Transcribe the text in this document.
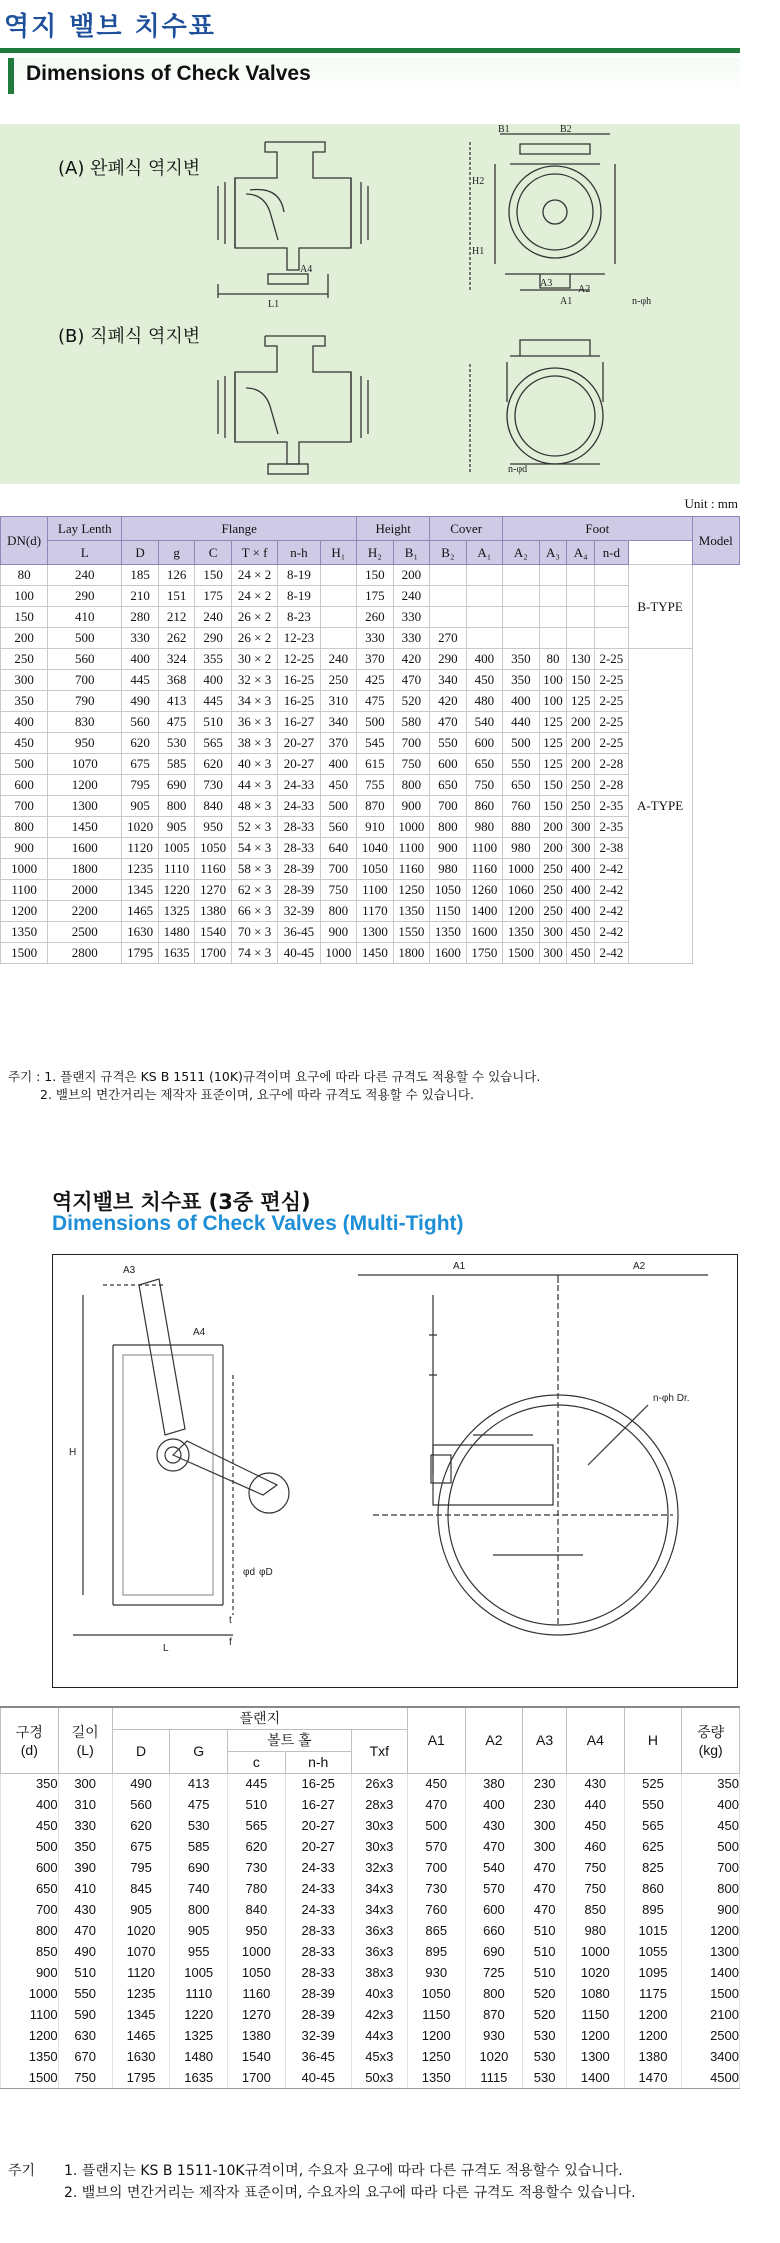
역지 밸브 치수표
Dimensions of Check Valves
(A) 완폐식 역지변
(B) 직폐식 역지변
B1	B2
H2
H1
A4
L1
A3
A2
A1
n-φd
n-φh
Unit : mm
DN(d)	Lay Lenth	Flange						Height		Cover		Foot					Model
	L	D	g	C	T × f	n-h	H₁	H₂	B₁	B₂	A₁	A₂	A₃	A₄	n-d		
80	240	185	126	150	24 × 2	8-19		150	200							B-TYPE	
100	290	210	151	175	24 × 2	8-19		175	240								
150	410	280	212	240	26 × 2	8-23		260	330								
200	500	330	262	290	26 × 2	12-23		330	330	270							
250	560	400	324	355	30 × 2	12-25	240	370	420	290	400	350	80	130	2-25	A-TYPE	
300	700	445	368	400	32 × 3	16-25	250	425	470	340	450	350	100	150	2-25		
350	790	490	413	445	34 × 3	16-25	310	475	520	420	480	400	100	125	2-25		
400	830	560	475	510	36 × 3	16-27	340	500	580	470	540	440	125	200	2-25		
450	950	620	530	565	38 × 3	20-27	370	545	700	550	600	500	125	200	2-25		
500	1070	675	585	620	40 × 3	20-27	400	615	750	600	650	550	125	200	2-28		
600	1200	795	690	730	44 × 3	24-33	450	755	800	650	750	650	150	250	2-28		
700	1300	905	800	840	48 × 3	24-33	500	870	900	700	860	760	150	250	2-35		
800	1450	1020	905	950	52 × 3	28-33	560	910	1000	800	980	880	200	300	2-35		
900	1600	1120	1005	1050	54 × 3	28-33	640	1040	1100	900	1100	980	200	300	2-38		
1000	1800	1235	1110	1160	58 × 3	28-39	700	1050	1160	980	1160	1000	250	400	2-42		
1100	2000	1345	1220	1270	62 × 3	28-39	750	1100	1250	1050	1260	1060	250	400	2-42		
1200	2200	1465	1325	1380	66 × 3	32-39	800	1170	1350	1150	1400	1200	250	400	2-42		
1350	2500	1630	1480	1540	70 × 3	36-45	900	1300	1550	1350	1600	1350	300	450	2-42		
1500	2800	1795	1635	1700	74 × 3	40-45	1000	1450	1800	1600	1750	1500	300	450	2-42		
주기 : 1. 플랜지 규격은 KS B 1511 (10K)규격이며 요구에 따라 다른 규격도 적용할 수 있습니다.
2. 밸브의 면간거리는 제작자 표준이며, 요구에 따라 규격도 적용할 수 있습니다.
역지밸브 치수표 (3중 편심)
Dimensions of Check Valves (Multi-Tight)
A3	A1	A2
A4
H
L
t
f
φd φD
n-φh Dr.
구경
(d)	길이
(L)	플랜지					A1	A2	A3	A4	H	중량
(kg)
		D	G	볼트 홀		Txf						
				c	n-h							
350	300	490	413	445	16-25	26x3	450	380	230	430	525	350
400	310	560	475	510	16-27	28x3	470	400	230	440	550	400
450	330	620	530	565	20-27	30x3	500	430	300	450	565	450
500	350	675	585	620	20-27	30x3	570	470	300	460	625	500
600	390	795	690	730	24-33	32x3	700	540	470	750	825	700
650	410	845	740	780	24-33	34x3	730	570	470	750	860	800
700	430	905	800	840	24-33	34x3	760	600	470	850	895	900
800	470	1020	905	950	28-33	36x3	865	660	510	980	1015	1200
850	490	1070	955	1000	28-33	36x3	895	690	510	1000	1055	1300
900	510	1120	1005	1050	28-33	38x3	930	725	510	1020	1095	1400
1000	550	1235	1110	1160	28-39	40x3	1050	800	520	1080	1175	1500
1100	590	1345	1220	1270	28-39	42x3	1150	870	520	1150	1200	2100
1200	630	1465	1325	1380	32-39	44x3	1200	930	530	1200	1200	2500
1350	670	1630	1480	1540	36-45	45x3	1250	1020	530	1300	1380	3400
1500	750	1795	1635	1700	40-45	50x3	1350	1115	530	1400	1470	4500
주기 1. 플랜지는 KS B 1511-10K규격이며, 수요자 요구에 따라 다른 규격도 적용할수 있습니다.
2. 밸브의 면간거리는 제작자 표준이며, 수요자의 요구에 따라 다른 규격도 적용할수 있습니다.
